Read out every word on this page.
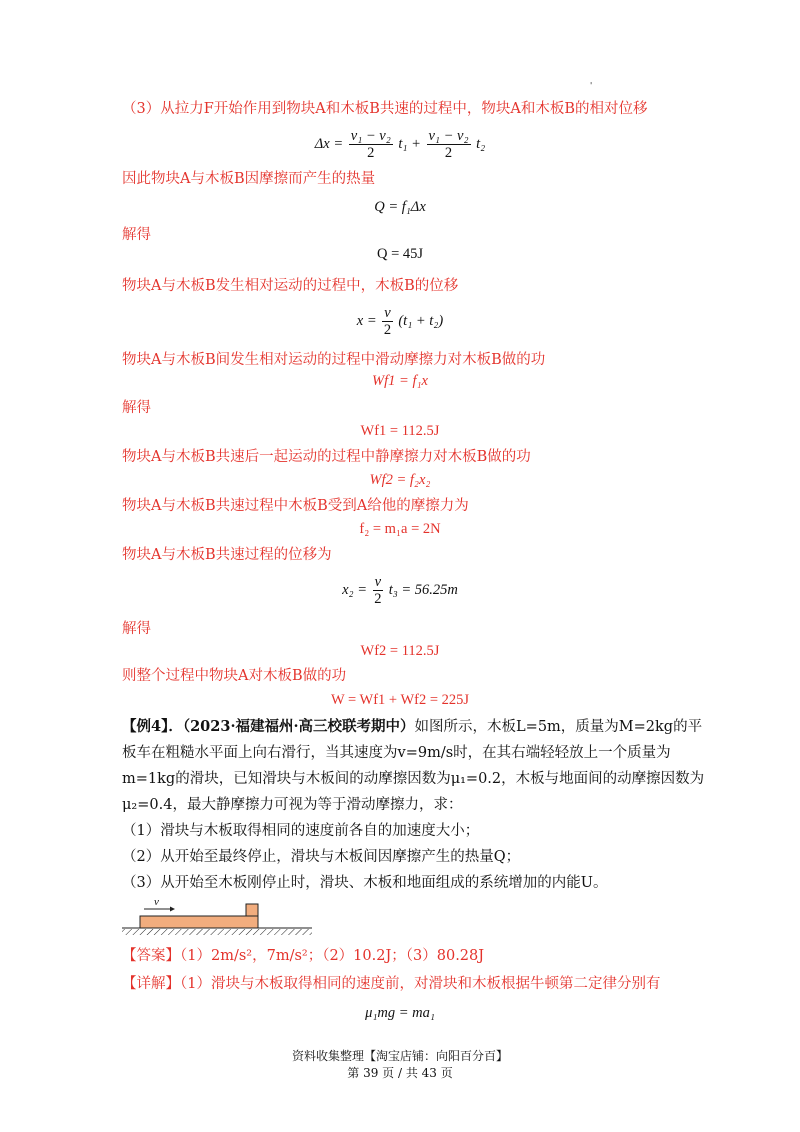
'
（3）从拉力F开始作用到物块A和木板B共速的过程中，物块A和木板B的相对位移
$\Delta x = \frac{\text{v₁ − v₂}}{2} t_1 + \frac{\text{v₁ − v₂}}{2} t_2$
因此物块A与木板B因摩擦而产生的热量
Q = f₁Δx
解得
Q = 45J
物块A与木板B发生相对运动的过程中，木板B的位移
$x = \frac{v}{2} (t_1 + t_2)$
物块A与木板B间发生相对运动的过程中滑动摩擦力对木板B做的功
Wf1 = f₁x
解得
Wf1 = 112.5J
物块A与木板B共速后一起运动的过程中静摩擦力对木板B做的功
Wf2 = f₂x₂
物块A与木板B共速过程中木板B受到A给他的摩擦力为
f₂ = m₁a = 2N
物块A与木板B共速过程的位移为
$x_2 = \frac{v}{2} t_3 = 56.25m$
解得
Wf2 = 112.5J
则整个过程中物块A对木板B做的功
W = Wf1 + Wf2 = 225J
【例4】．（2023·福建福州·高三校联考期中）如图所示，木板L=5m，质量为M=2kg的平
板车在粗糙水平面上向右滑行，当其速度为v=9m/s时，在其右端轻轻放上一个质量为
m=1kg的滑块，已知滑块与木板间的动摩擦因数为μ₁=0.2，木板与地面间的动摩擦因数为
μ₂=0.4，最大静摩擦力可视为等于滑动摩擦力，求：
（1）滑块与木板取得相同的速度前各自的加速度大小；
（2）从开始至最终停止，滑块与木板间因摩擦产生的热量Q；
（3）从开始至木板刚停止时，滑块、木板和地面组成的系统增加的内能U。
v
【答案】（1）2m/s²，7m/s²；（2）10.2J；（3）80.28J
【详解】（1）滑块与木板取得相同的速度前，对滑块和木板根据牛顿第二定律分别有
μ₁mg = ma₁
资料收集整理【淘宝店铺：向阳百分百】
第 39 页 / 共 43 页
